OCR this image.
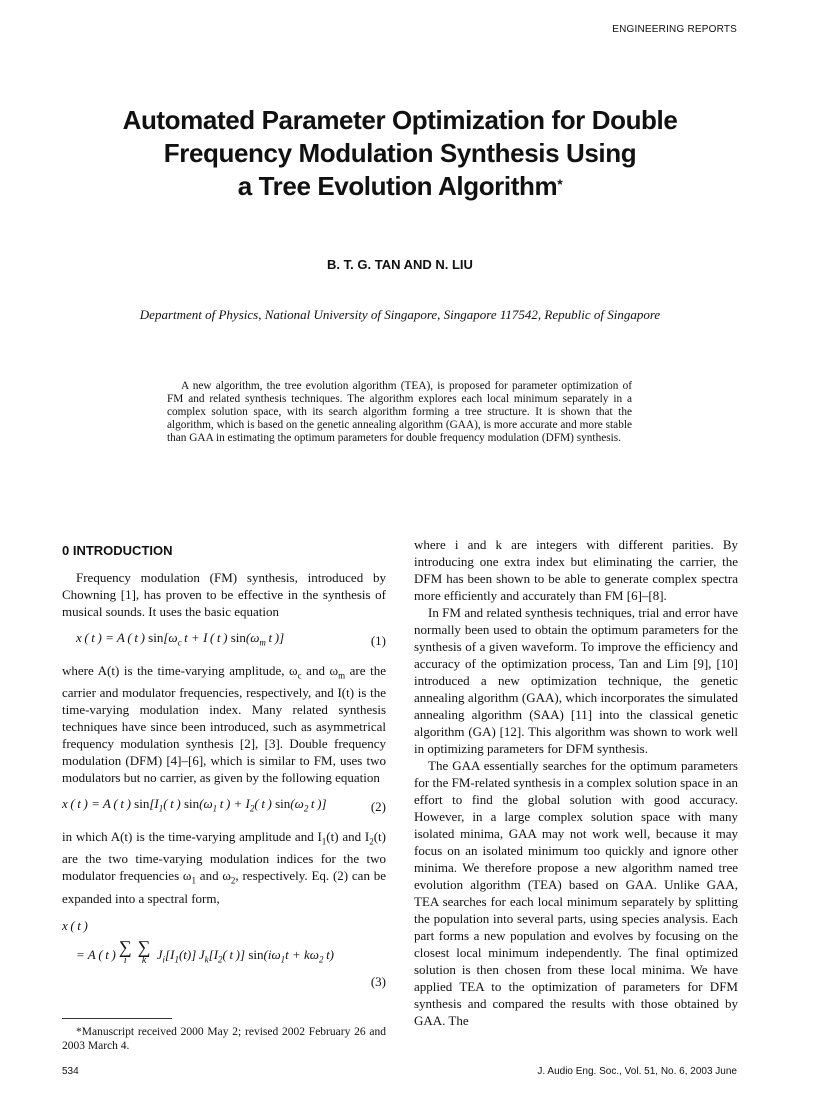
ENGINEERING REPORTS
Automated Parameter Optimization for Double
Frequency Modulation Synthesis Using
a Tree Evolution Algorithm*
B. T. G. TAN AND N. LIU
Department of Physics, National University of Singapore, Singapore 117542, Republic of Singapore
A new algorithm, the tree evolution algorithm (TEA), is proposed for parameter optimization of FM and related synthesis techniques. The algorithm explores each local minimum separately in a complex solution space, with its search algorithm forming a tree structure. It is shown that the algorithm, which is based on the genetic annealing algorithm (GAA), is more accurate and more stable than GAA in estimating the optimum parameters for double frequency modulation (DFM) synthesis.
0 INTRODUCTION

Frequency modulation (FM) synthesis, introduced by Chowning [1], has proven to be effective in the synthesis of musical sounds. It uses the basic equation

x ( t ) = A ( t ) $\sin[\omega_c$ t + I ( t ) $\sin(\omega_m$ t )]	(1)

where A(t) is the time-varying amplitude, $\omega_c$ and $\omega_m$ are the carrier and modulator frequencies, respectively, and I(t) is the time-varying modulation index. Many related synthesis techniques have since been introduced, such as asymmetrical frequency modulation synthesis [2], [3]. Double frequency modulation (DFM) [4]–[6], which is similar to FM, uses two modulators but no carrier, as given by the following equation

x ( t ) = A ( t ) $\sin[I_1$( t ) $\sin(\omega_1$ t ) + $I_2$( t ) $\sin(\omega_2$ t )]	(2)

in which A(t) is the time-varying amplitude and $I_1(t)$ and $I_2(t)$ are the two time-varying modulation indices for the two modulator frequencies $\omega_1$ and $\omega_2$, respectively. Eq. (2) can be expanded into a spectral form,

x ( t )
= A ( t ) ∑
i
∑
k $J_i[I_1(t)]$ $J_k[I_2$( t )] $\sin(i\omega_1t + k\omega_2$ t)
(3)

where i and k are integers with different parities. By introducing one extra index but eliminating the carrier, the DFM has been shown to be able to generate complex spectra more efficiently and accurately than FM [6]–[8].

In FM and related synthesis techniques, trial and error have normally been used to obtain the optimum parameters for the synthesis of a given waveform. To improve the efficiency and accuracy of the optimization process, Tan and Lim [9], [10] introduced a new optimization technique, the genetic annealing algorithm (GAA), which incorporates the simulated annealing algorithm (SAA) [11] into the classical genetic algorithm (GA) [12]. This algorithm was shown to work well in optimizing parameters for DFM synthesis.

The GAA essentially searches for the optimum parameters for the FM-related synthesis in a complex solution space in an effort to find the global solution with good accuracy. However, in a large complex solution space with many isolated minima, GAA may not work well, because it may focus on an isolated minimum too quickly and ignore other minima. We therefore propose a new algorithm named tree evolution algorithm (TEA) based on GAA. Unlike GAA, TEA searches for each local minimum separately by splitting the population into several parts, using species analysis. Each part forms a new population and evolves by focusing on the closest local minimum independently. The final optimized solution is then chosen from these local minima. We have applied TEA to the optimization of parameters for DFM synthesis and compared the results with those obtained by GAA. The

*Manuscript received 2000 May 2; revised 2002 February 26 and 2003 March 4.
534	J. Audio Eng. Soc., Vol. 51, No. 6, 2003 June
